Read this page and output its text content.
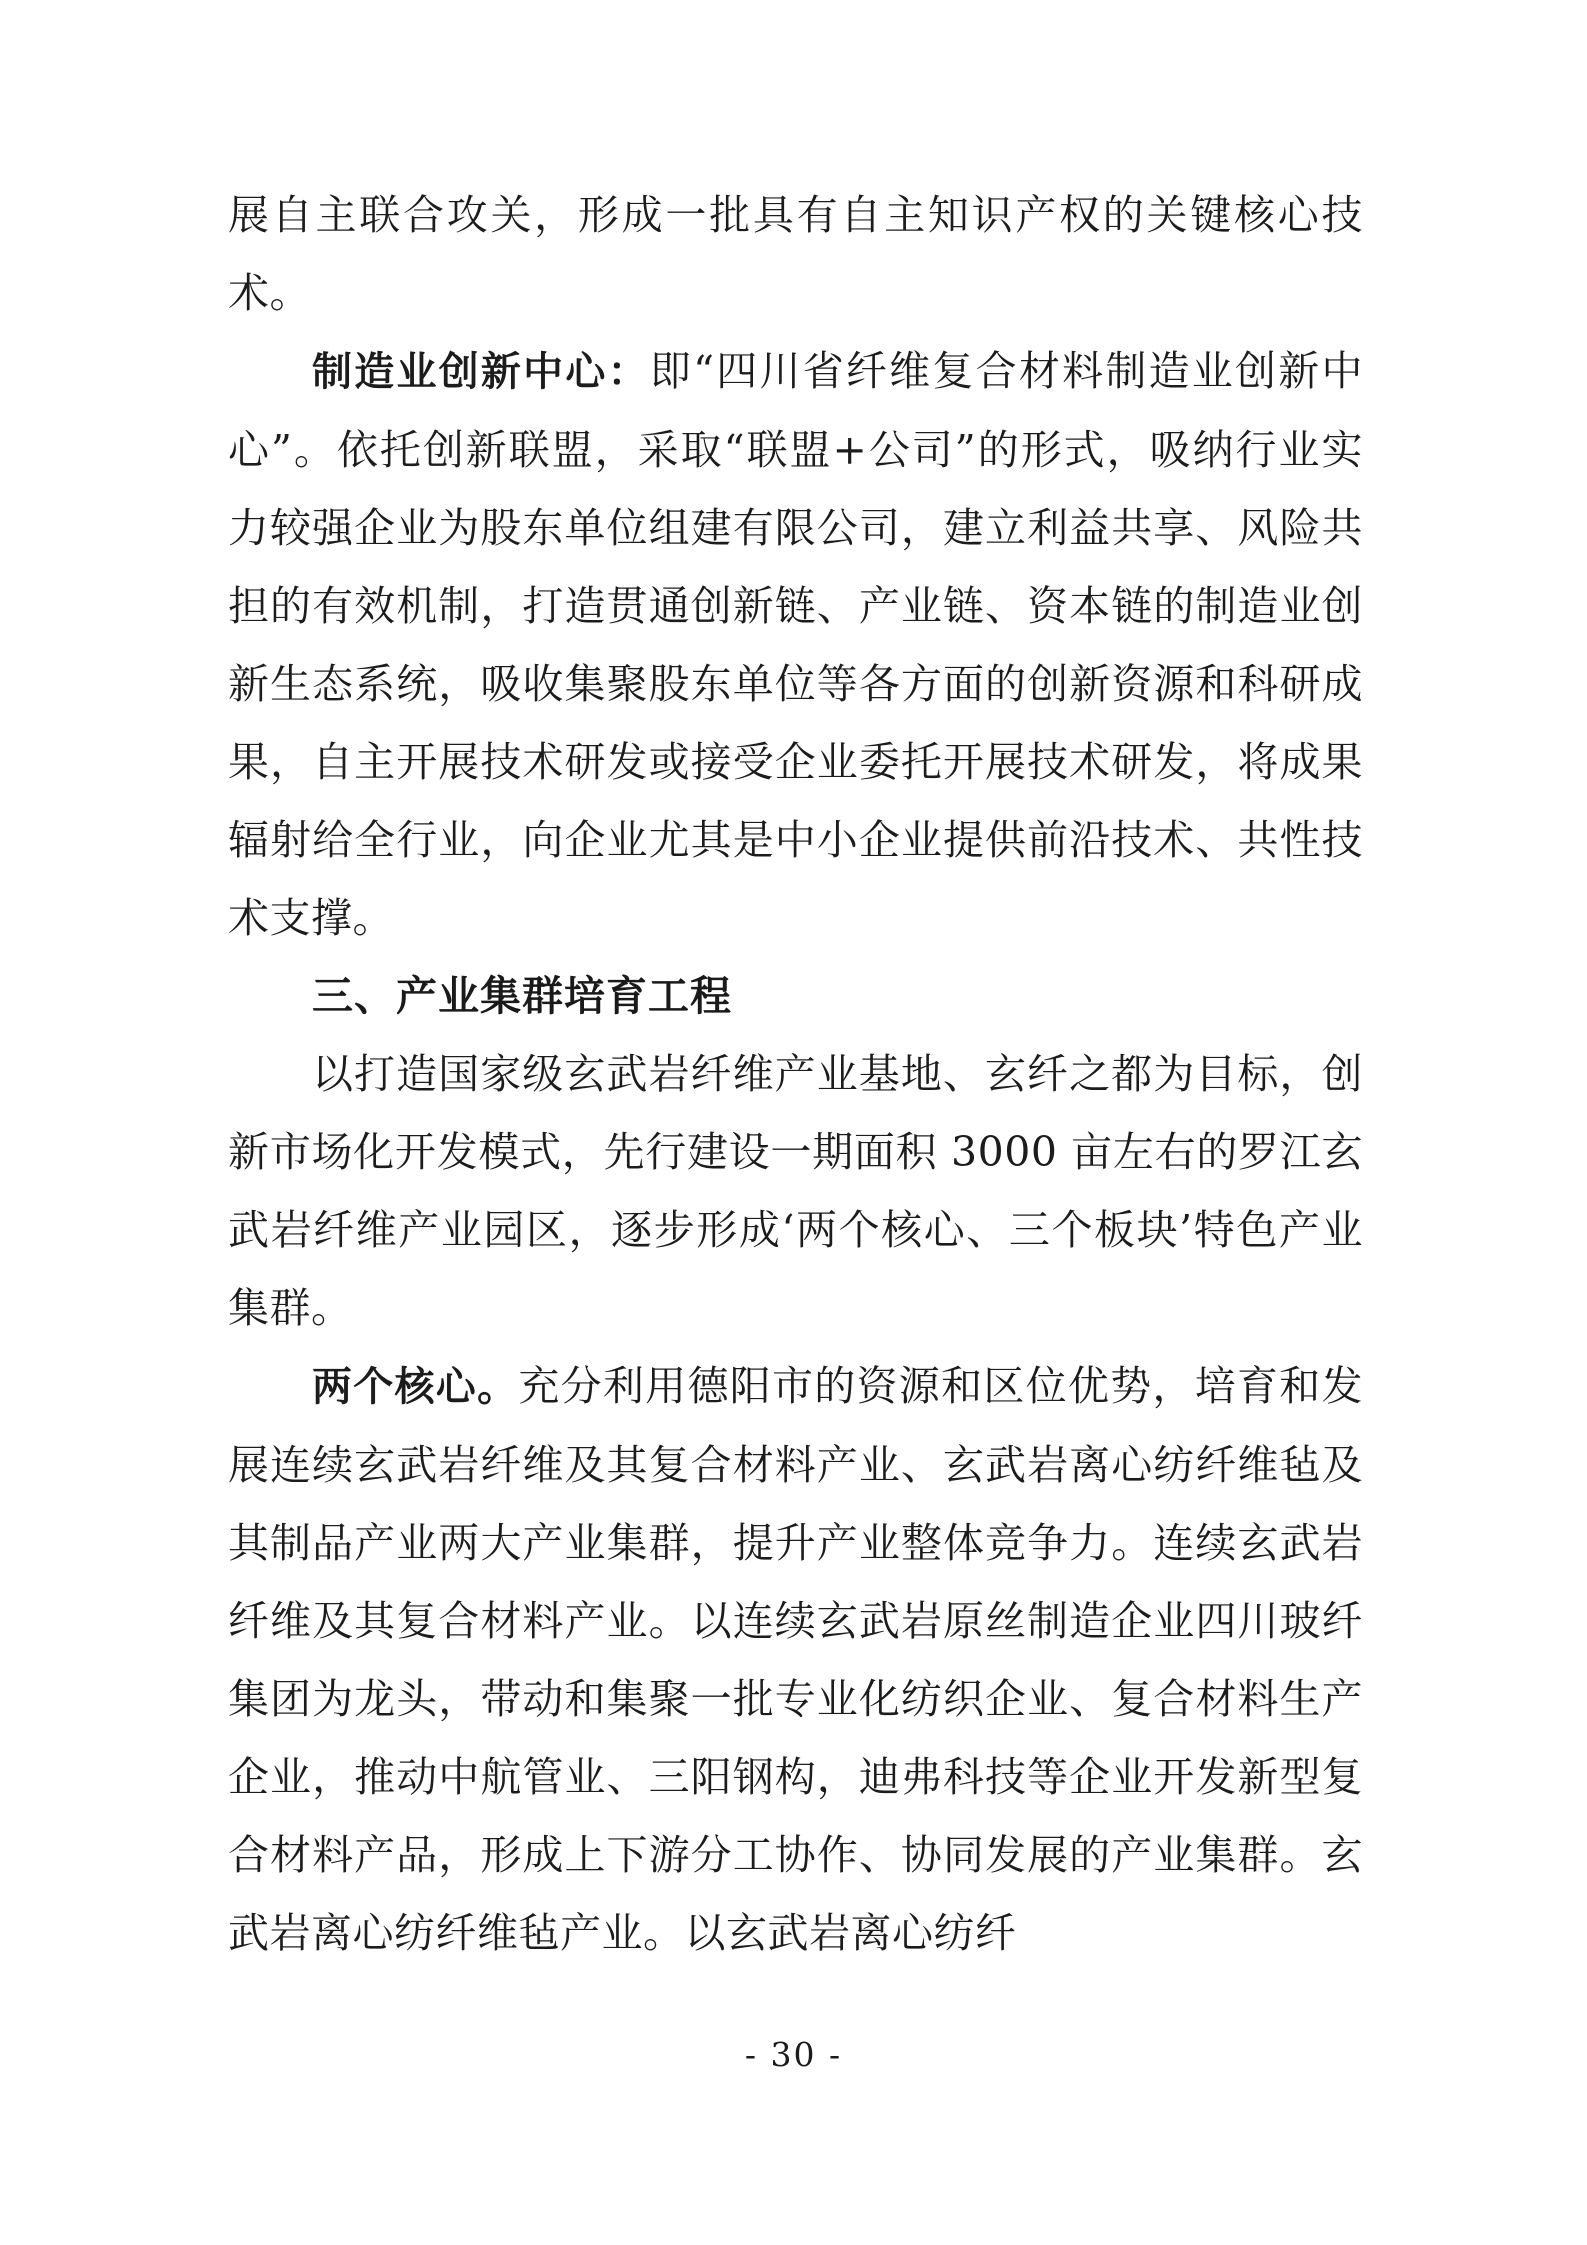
展自主联合攻关，形成一批具有自主知识产权的关键核心技术。

制造业创新中心：即“四川省纤维复合材料制造业创新中心”。依托创新联盟，采取“联盟+公司”的形式，吸纳行业实力较强企业为股东单位组建有限公司，建立利益共享、风险共担的有效机制，打造贯通创新链、产业链、资本链的制造业创新生态系统，吸收集聚股东单位等各方面的创新资源和科研成果，自主开展技术研发或接受企业委托开展技术研发，将成果辐射给全行业，向企业尤其是中小企业提供前沿技术、共性技术支撑。

三、产业集群培育工程

以打造国家级玄武岩纤维产业基地、玄纤之都为目标，创新市场化开发模式，先行建设一期面积 3000 亩左右的罗江玄武岩纤维产业园区，逐步形成‘两个核心、三个板块’特色产业集群。

两个核心。充分利用德阳市的资源和区位优势，培育和发展连续玄武岩纤维及其复合材料产业、玄武岩离心纺纤维毡及其制品产业两大产业集群，提升产业整体竞争力。连续玄武岩纤维及其复合材料产业。以连续玄武岩原丝制造企业四川玻纤集团为龙头，带动和集聚一批专业化纺织企业、复合材料生产企业，推动中航管业、三阳钢构，迪弗科技等企业开发新型复合材料产品，形成上下游分工协作、协同发展的产业集群。玄武岩离心纺纤维毡产业。以玄武岩离心纺纤

- 30 -
